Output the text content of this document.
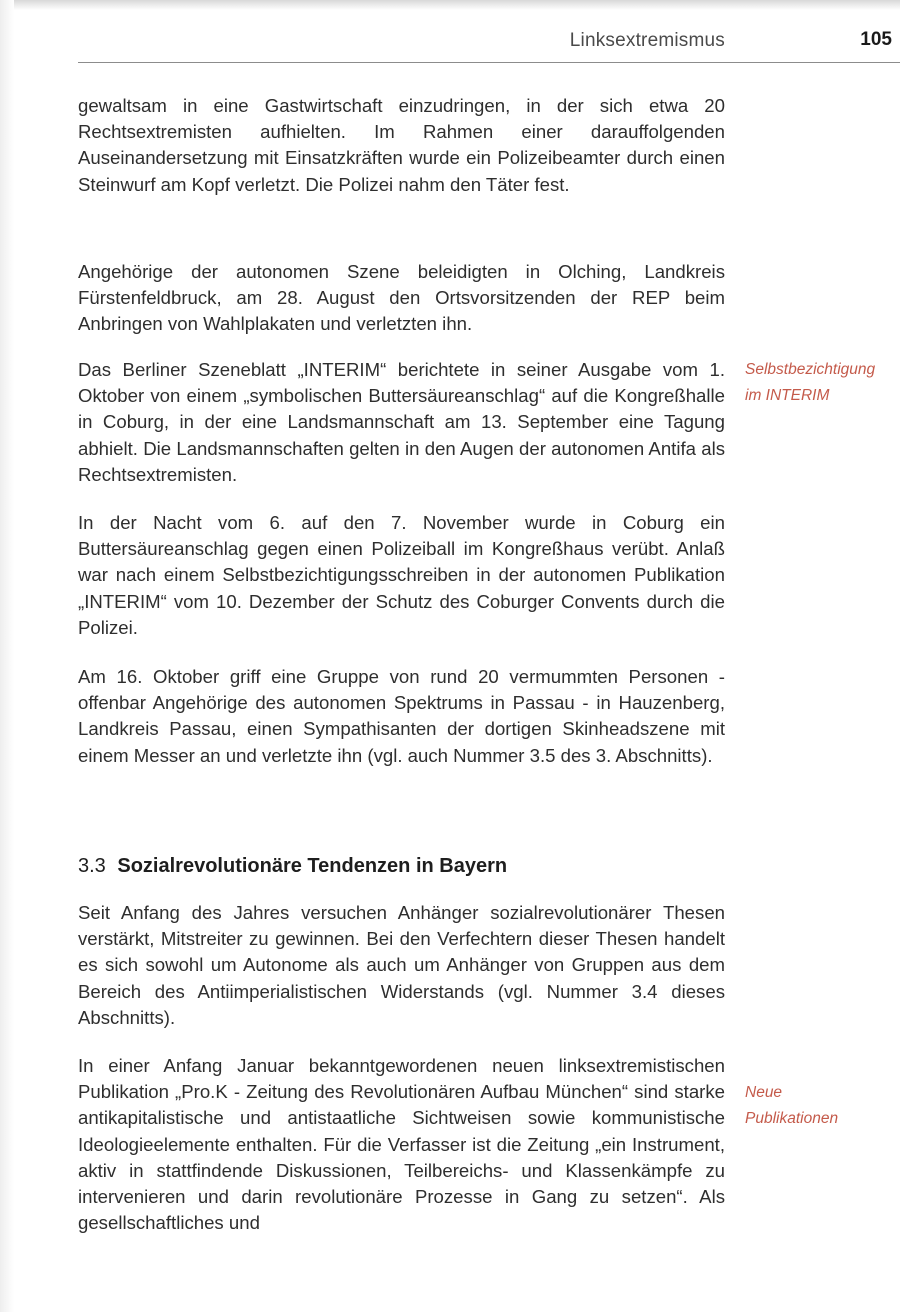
Linksextremismus	105

gewaltsam in eine Gastwirtschaft einzudringen, in der sich etwa 20 Rechtsextremisten aufhielten. Im Rahmen einer darauffolgenden Auseinandersetzung mit Einsatzkräften wurde ein Polizeibeamter durch einen Steinwurf am Kopf verletzt. Die Polizei nahm den Täter fest.

Angehörige der autonomen Szene beleidigten in Olching, Landkreis Fürstenfeldbruck, am 28. August den Ortsvorsitzenden der REP beim Anbringen von Wahlplakaten und verletzten ihn.

Das Berliner Szeneblatt „INTERIM“ berichtete in seiner Ausgabe vom 1. Oktober von einem „symbolischen Buttersäureanschlag“ auf die Kongreßhalle in Coburg, in der eine Landsmannschaft am 13. September eine Tagung abhielt. Die Landsmannschaften gelten in den Augen der autonomen Antifa als Rechtsextremisten.

In der Nacht vom 6. auf den 7. November wurde in Coburg ein Buttersäureanschlag gegen einen Polizeiball im Kongreßhaus verübt. Anlaß war nach einem Selbstbezichtigungsschreiben in der autonomen Publikation „INTERIM“ vom 10. Dezember der Schutz des Coburger Convents durch die Polizei.

Am 16. Oktober griff eine Gruppe von rund 20 vermummten Personen - offenbar Angehörige des autonomen Spektrums in Passau - in Hauzenberg, Landkreis Passau, einen Sympathisanten der dortigen Skinheadszene mit einem Messer an und verletzte ihn (vgl. auch Nummer 3.5 des 3. Abschnitts).

3.3 Sozialrevolutionäre Tendenzen in Bayern

Seit Anfang des Jahres versuchen Anhänger sozialrevolutionärer Thesen verstärkt, Mitstreiter zu gewinnen. Bei den Verfechtern dieser Thesen handelt es sich sowohl um Autonome als auch um Anhänger von Gruppen aus dem Bereich des Antiimperialistischen Widerstands (vgl. Nummer 3.4 dieses Abschnitts).

In einer Anfang Januar bekanntgewordenen neuen linksextremistischen Publikation „Pro.K - Zeitung des Revolutionären Aufbau München“ sind starke antikapitalistische und antistaatliche Sichtweisen sowie kommunistische Ideologieelemente enthalten. Für die Verfasser ist die Zeitung „ein Instrument, aktiv in stattfindende Diskussionen, Teilbereichs- und Klassenkämpfe zu intervenieren und darin revolutionäre Prozesse in Gang zu setzen“. Als gesellschaftliches und

Selbstbezichtigung
im INTERIM
Neue
Publikationen
